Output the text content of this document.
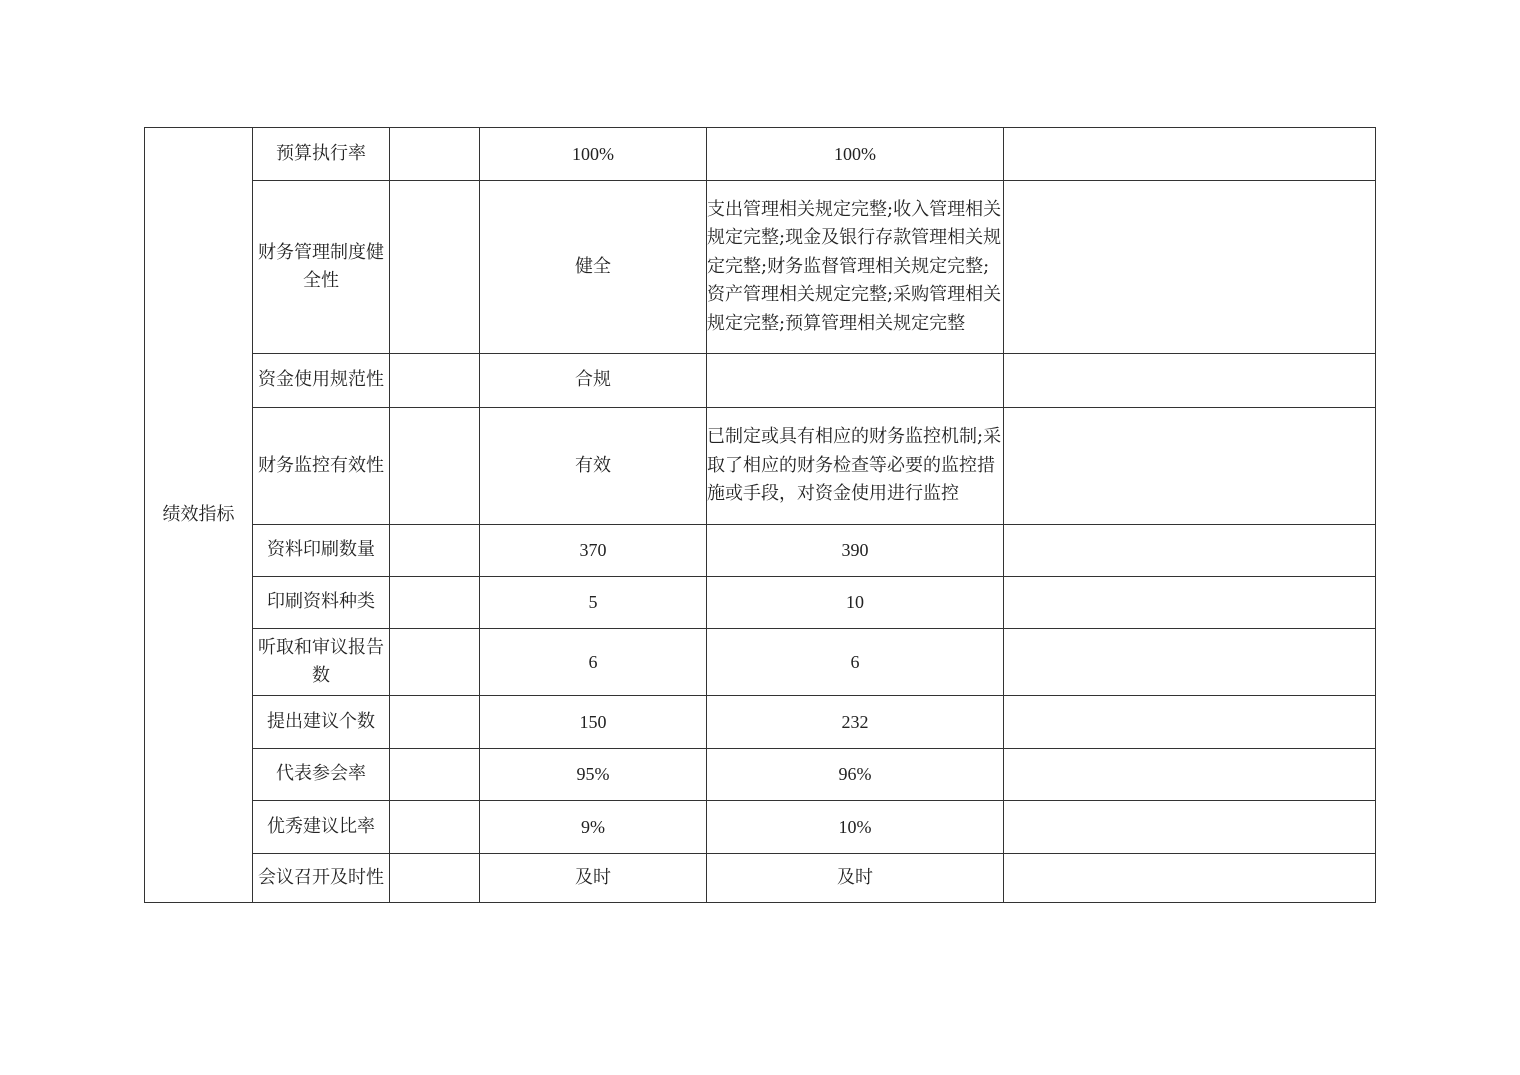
绩效指标	预算执行率		100%	100%	
	财务管理制度健全性		健全	支出管理相关规定完整;收入管理相关规定完整;现金及银行存款管理相关规定完整;财务监督管理相关规定完整;资产管理相关规定完整;采购管理相关规定完整;预算管理相关规定完整	
	资金使用规范性		合规		
	财务监控有效性		有效	已制定或具有相应的财务监控机制;采取了相应的财务检查等必要的监控措施或手段，对资金使用进行监控	
	资料印刷数量		370	390	
	印刷资料种类		5	10	
	听取和审议报告数		6	6	
	提出建议个数		150	232	
	代表参会率		95%	96%	
	优秀建议比率		9%	10%	
	会议召开及时性		及时	及时	
